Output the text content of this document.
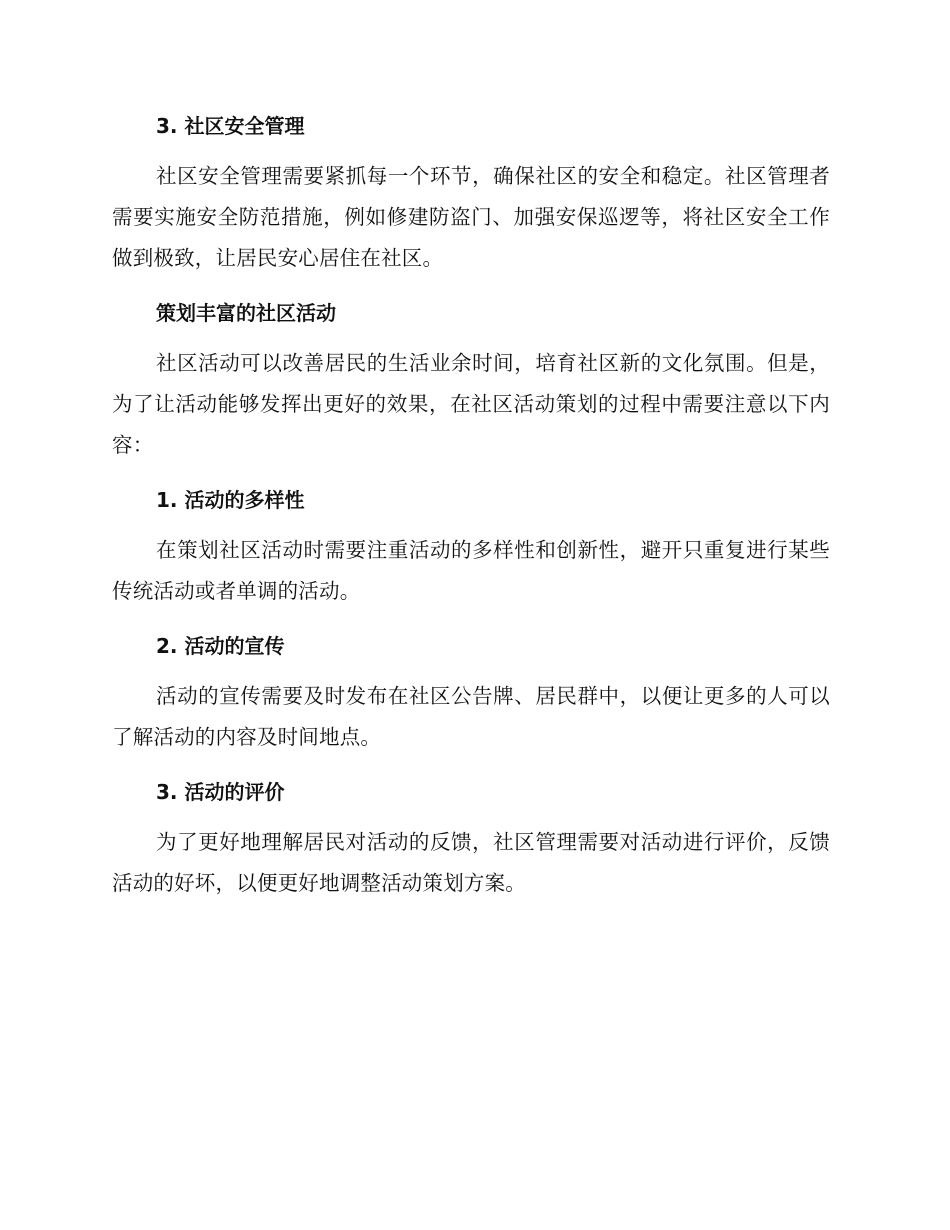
3. 社区安全管理

社区安全管理需要紧抓每一个环节，确保社区的安全和稳定。社区管理者需要实施安全防范措施，例如修建防盗门、加强安保巡逻等，将社区安全工作做到极致，让居民安心居住在社区。

策划丰富的社区活动

社区活动可以改善居民的生活业余时间，培育社区新的文化氛围。但是，为了让活动能够发挥出更好的效果，在社区活动策划的过程中需要注意以下内容：

1. 活动的多样性

在策划社区活动时需要注重活动的多样性和创新性，避开只重复进行某些传统活动或者单调的活动。

2. 活动的宣传

活动的宣传需要及时发布在社区公告牌、居民群中，以便让更多的人可以了解活动的内容及时间地点。

3. 活动的评价

为了更好地理解居民对活动的反馈，社区管理需要对活动进行评价，反馈活动的好坏，以便更好地调整活动策划方案。
